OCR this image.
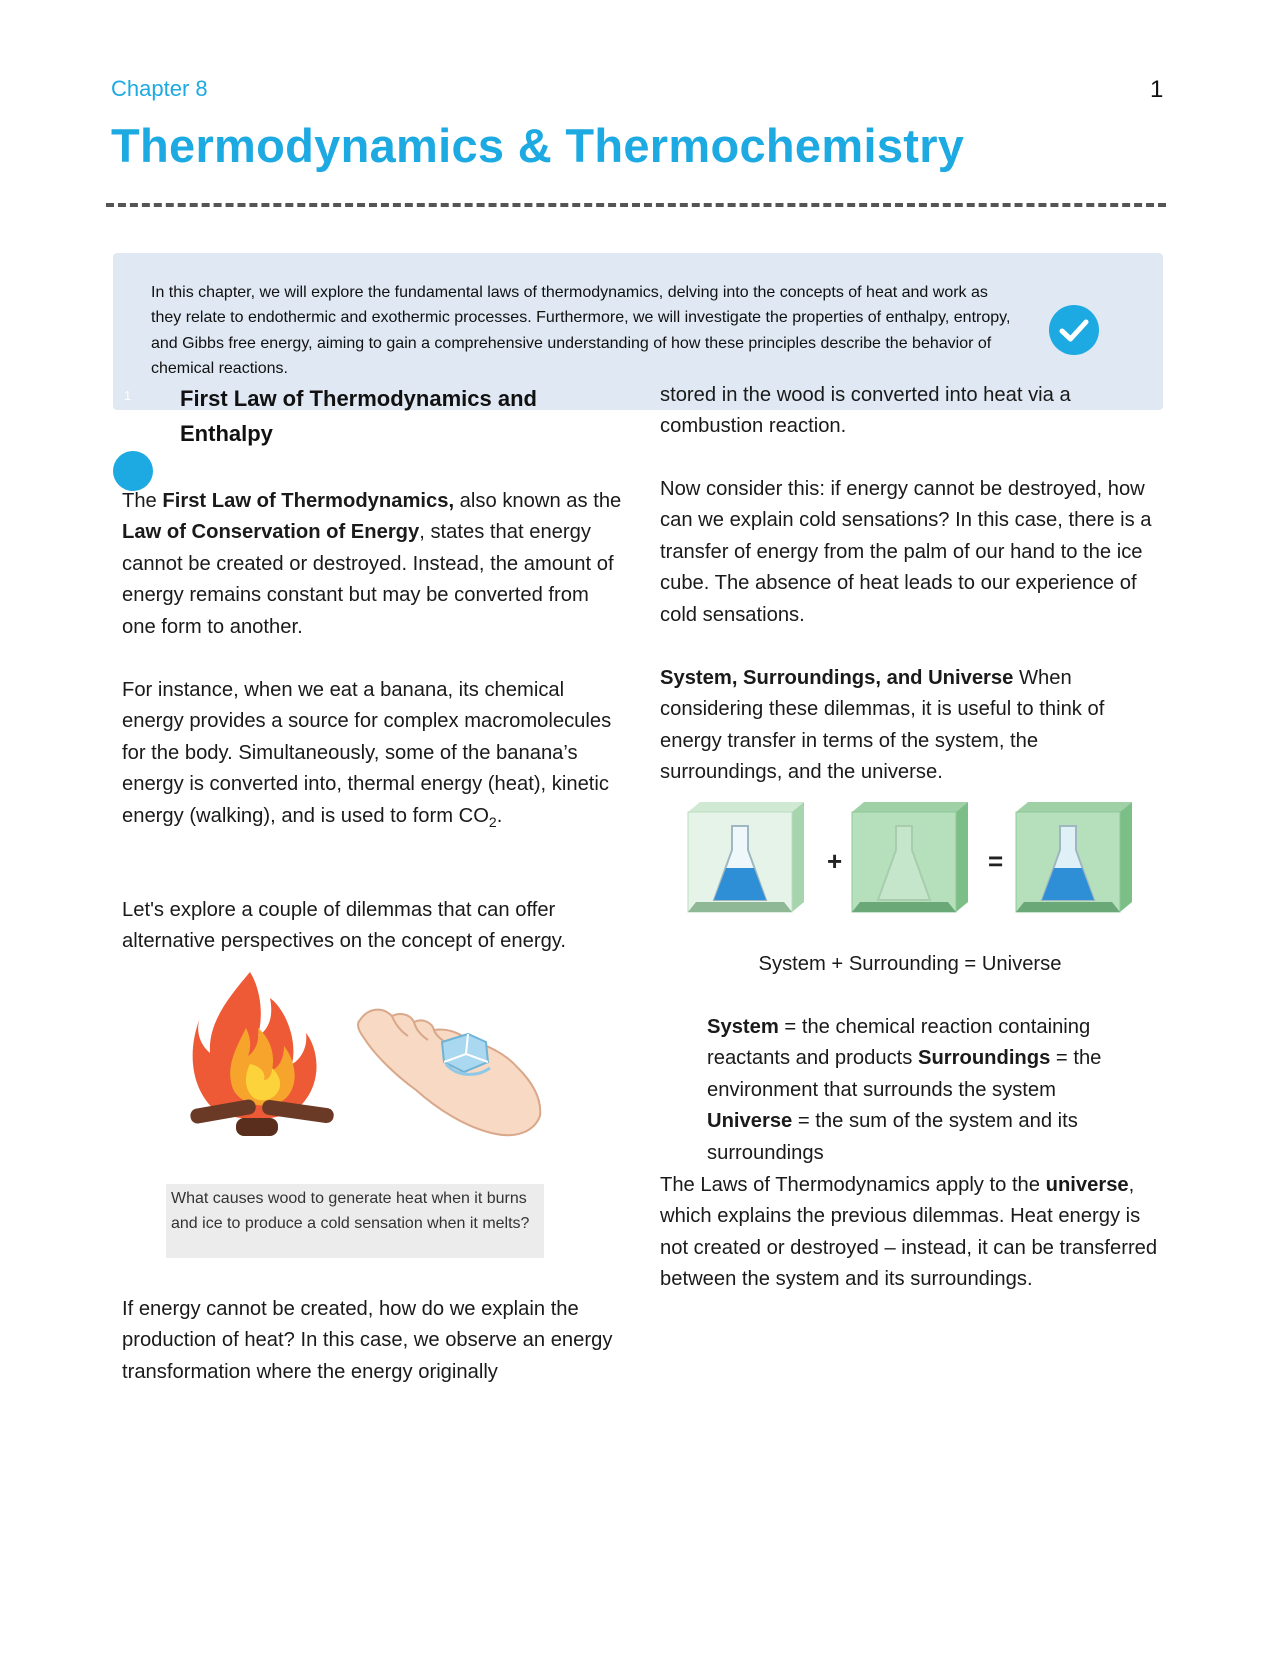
Chapter 8	1
Thermodynamics & Thermochemistry
In this chapter, we will explore the fundamental laws of thermodynamics, delving into the concepts of heat and work as they relate to endothermic and exothermic processes. Furthermore, we will investigate the properties of enthalpy, entropy, and Gibbs free energy, aiming to gain a comprehensive understanding of how these principles describe the behavior of chemical reactions.
1 First Law of Thermodynamics and Enthalpy

The First Law of Thermodynamics, also known as the Law of Conservation of Energy, states that energy cannot be created or destroyed. Instead, the amount of energy remains constant but may be converted from one form to another.

For instance, when we eat a banana, its chemical energy provides a source for complex macromolecules for the body. Simultaneously, some of the banana’s energy is converted into, thermal energy (heat), kinetic energy (walking), and is used to form $CO_2$.

Let's explore a couple of dilemmas that can offer alternative perspectives on the concept of energy.
What causes wood to generate heat when it burns and ice to produce a cold sensation when it melts?
If energy cannot be created, how do we explain the production of heat? In this case, we observe an energy transformation where the energy originally
stored in the wood is converted into heat via a combustion reaction.
Now consider this: if energy cannot be destroyed, how can we explain cold sensations? In this case, there is a transfer of energy from the palm of our hand to the ice cube. The absence of heat leads to our experience of cold sensations.

System, Surroundings, and Universe When considering these dilemmas, it is useful to think of energy transfer in terms of the system, the surroundings, and the universe.

+	=
System + Surrounding = Universe

System = the chemical reaction containing reactants and products Surroundings = the environment that surrounds the system Universe = the sum of the system and its surroundings

The Laws of Thermodynamics apply to the universe, which explains the previous dilemmas. Heat energy is not created or destroyed – instead, it can be transferred between the system and its surroundings.
